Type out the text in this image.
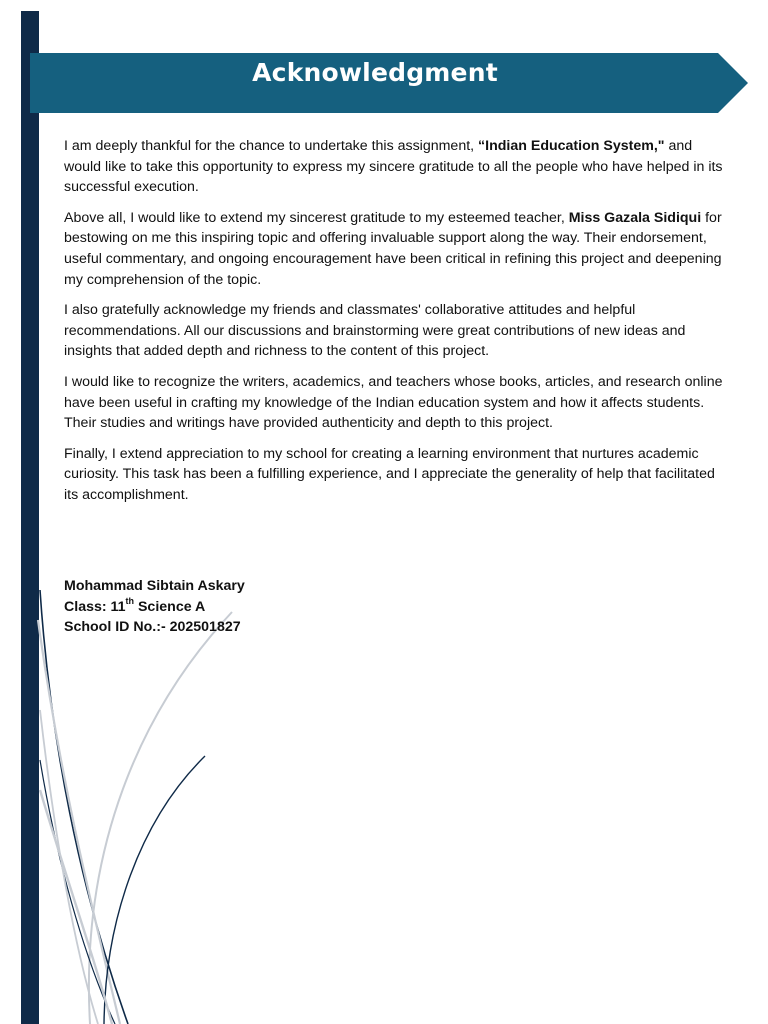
Acknowledgment

I am deeply thankful for the chance to undertake this assignment, “Indian Education System," and would like to take this opportunity to express my sincere gratitude to all the people who have helped in its successful execution.

Above all, I would like to extend my sincerest gratitude to my esteemed teacher, Miss Gazala Sidiqui for bestowing on me this inspiring topic and offering invaluable support along the way. Their endorsement, useful commentary, and ongoing encouragement have been critical in refining this project and deepening my comprehension of the topic.

I also gratefully acknowledge my friends and classmates' collaborative attitudes and helpful recommendations. All our discussions and brainstorming were great contributions of new ideas and insights that added depth and richness to the content of this project.

I would like to recognize the writers, academics, and teachers whose books, articles, and research online have been useful in crafting my knowledge of the Indian education system and how it affects students. Their studies and writings have provided authenticity and depth to this project.

Finally, I extend appreciation to my school for creating a learning environment that nurtures academic curiosity. This task has been a fulfilling experience, and I appreciate the generality of help that facilitated its accomplishment.

Mohammad Sibtain Askary
Class: 11th Science A
School ID No.:- 202501827
